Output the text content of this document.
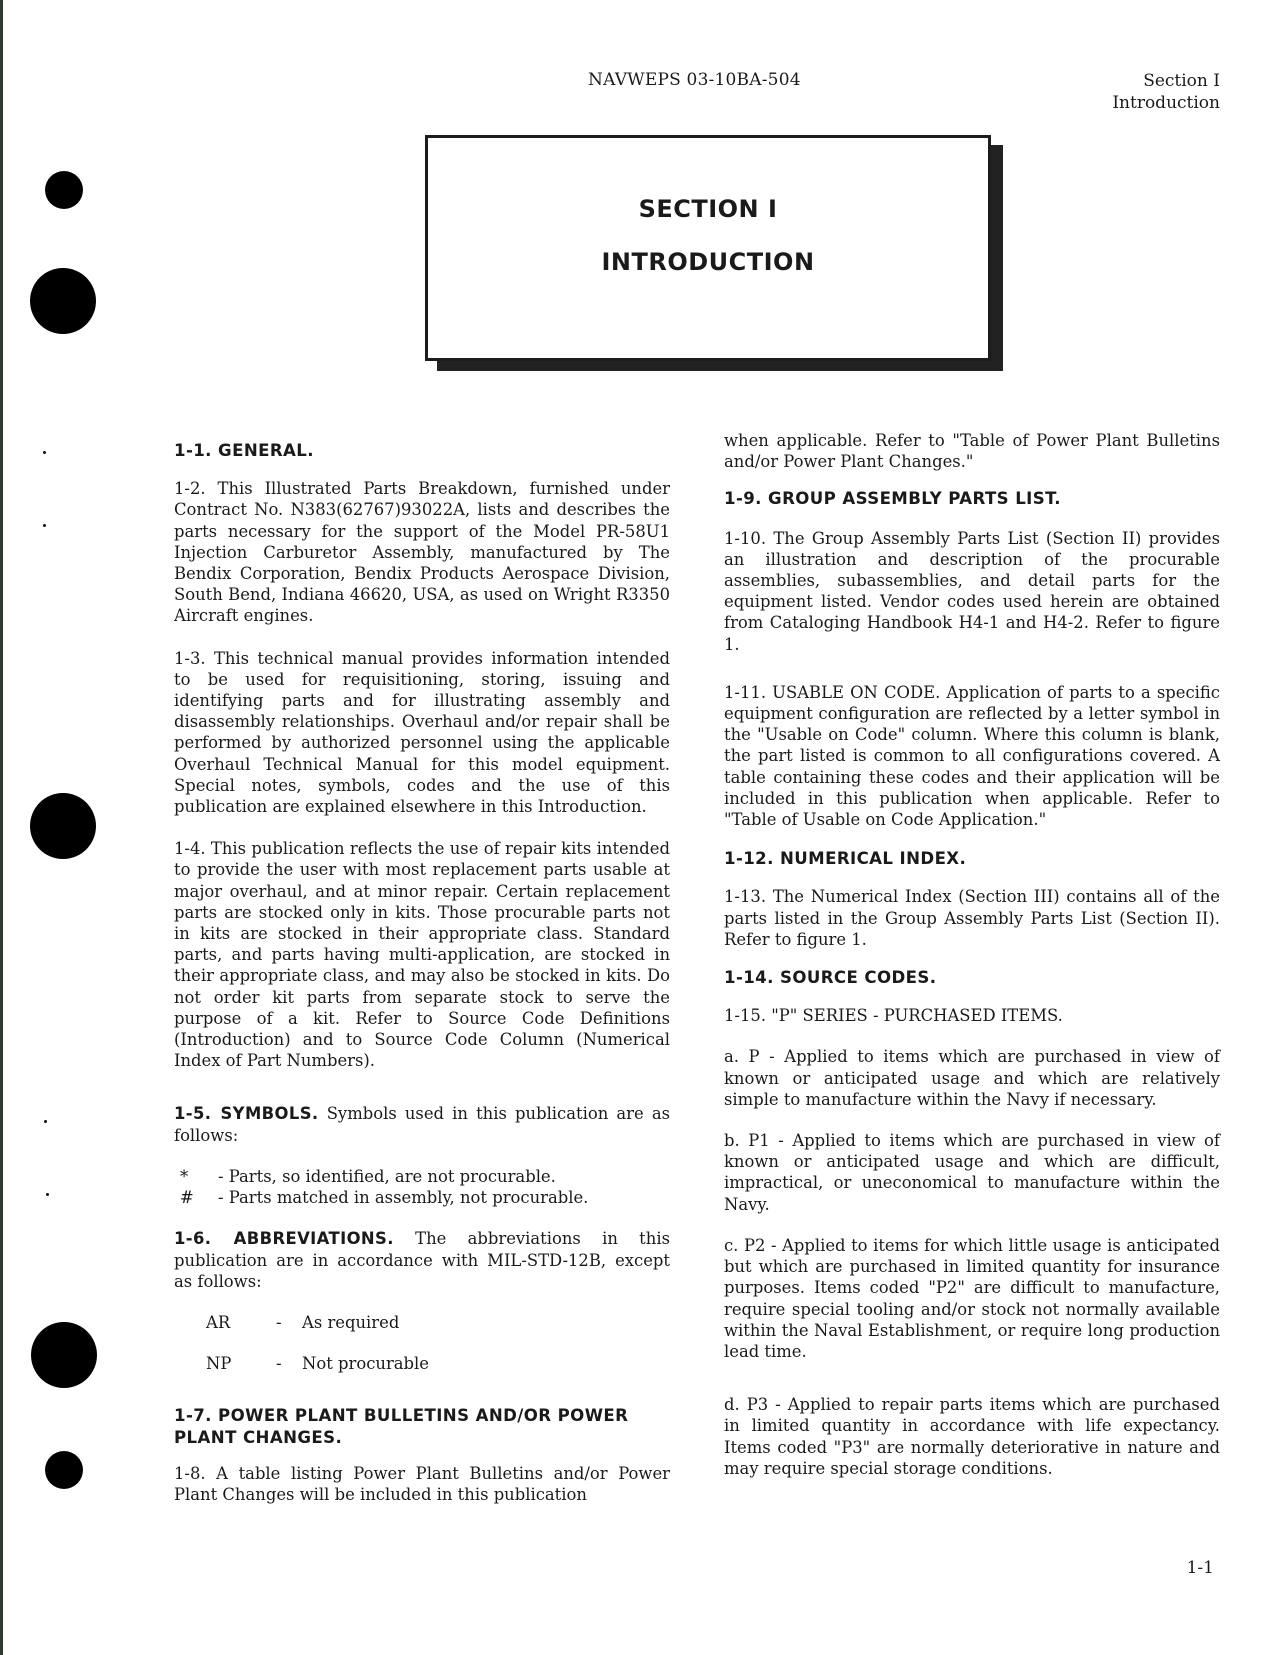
NAVWEPS 03-10BA-504	Section I
Introduction
SECTION I
INTRODUCTION
1-1. GENERAL.

1-2. This Illustrated Parts Breakdown, furnished under Contract No. N383(62767)93022A, lists and describes the parts necessary for the support of the Model PR-58U1 Injection Carburetor Assembly, manufactured by The Bendix Corporation, Bendix Products Aerospace Division, South Bend, Indiana 46620, USA, as used on Wright R3350 Aircraft engines.

1-3. This technical manual provides information intended to be used for requisitioning, storing, issuing and identifying parts and for illustrating assembly and disassembly relationships. Overhaul and/or repair shall be performed by authorized personnel using the applicable Overhaul Technical Manual for this model equipment. Special notes, symbols, codes and the use of this publication are explained elsewhere in this Introduction.

1-4. This publication reflects the use of repair kits intended to provide the user with most replacement parts usable at major overhaul, and at minor repair. Certain replacement parts are stocked only in kits. Those procurable parts not in kits are stocked in their appropriate class. Standard parts, and parts having multi-application, are stocked in their appropriate class, and may also be stocked in kits. Do not order kit parts from separate stock to serve the purpose of a kit. Refer to Source Code Definitions (Introduction) and to Source Code Column (Numerical Index of Part Numbers).

1-5. SYMBOLS. Symbols used in this publication are as follows:

*	- Parts, so identified, are not procurable.
#	- Parts matched in assembly, not procurable.

1-6. ABBREVIATIONS. The abbreviations in this publication are in accordance with MIL-STD-12B, except as follows:

AR	-	As required
NP	-	Not procurable
1-7. POWER PLANT BULLETINS AND/OR POWER PLANT CHANGES.

1-8. A table listing Power Plant Bulletins and/or Power Plant Changes will be included in this publication

when applicable. Refer to "Table of Power Plant Bulletins and/or Power Plant Changes."

1-9. GROUP ASSEMBLY PARTS LIST.

1-10. The Group Assembly Parts List (Section II) provides an illustration and description of the procurable assemblies, subassemblies, and detail parts for the equipment listed. Vendor codes used herein are obtained from Cataloging Handbook H4-1 and H4-2. Refer to figure 1.

1-11. USABLE ON CODE. Application of parts to a specific equipment configuration are reflected by a letter symbol in the "Usable on Code" column. Where this column is blank, the part listed is common to all configurations covered. A table containing these codes and their application will be included in this publication when applicable. Refer to "Table of Usable on Code Application."

1-12. NUMERICAL INDEX.

1-13. The Numerical Index (Section III) contains all of the parts listed in the Group Assembly Parts List (Section II). Refer to figure 1.

1-14. SOURCE CODES.

1-15. "P" SERIES - PURCHASED ITEMS.

a. P - Applied to items which are purchased in view of known or anticipated usage and which are relatively simple to manufacture within the Navy if necessary.

b. P1 - Applied to items which are purchased in view of known or anticipated usage and which are difficult, impractical, or uneconomical to manufacture within the Navy.

c. P2 - Applied to items for which little usage is anticipated but which are purchased in limited quantity for insurance purposes. Items coded "P2" are difficult to manufacture, require special tooling and/or stock not normally available within the Naval Establishment, or require long production lead time.

d. P3 - Applied to repair parts items which are purchased in limited quantity in accordance with life expectancy. Items coded "P3" are normally deteriorative in nature and may require special storage conditions.

1-1
